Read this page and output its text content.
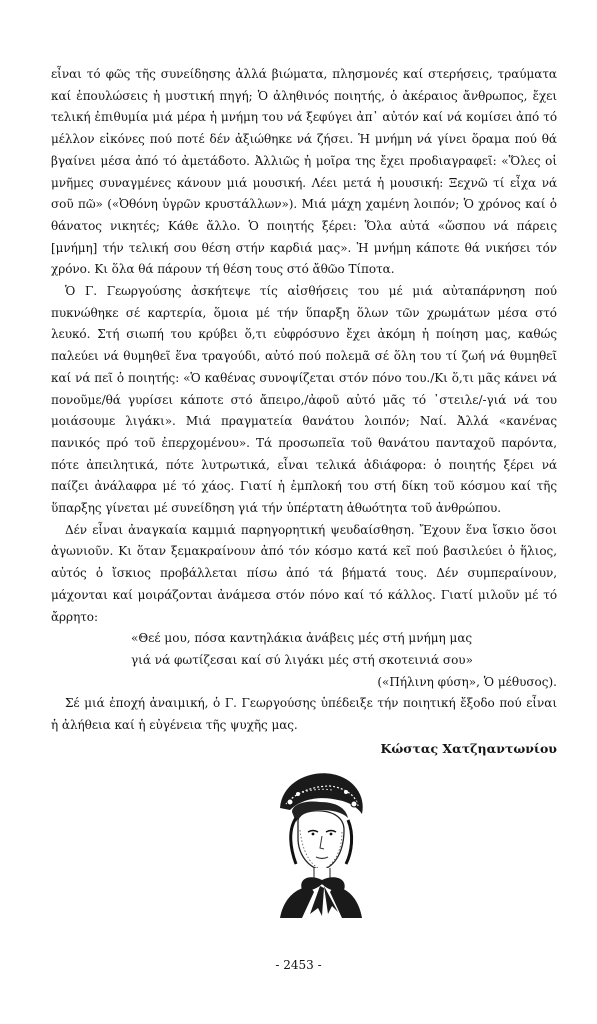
εἶναι τό φῶς τῆς συνείδησης ἀλλά βιώματα, πλησμονές καί στερήσεις, τραύματα καί ἐπουλώσεις ἡ μυστική πηγή; Ὁ ἀληθινός ποιητής, ὁ ἀκέραιος ἄνθρωπος, ἔχει τελική ἐπιθυμία μιά μέρα ἡ μνήμη του νά ξεφύγει ἀπ᾽ αὐτόν καί νά κομίσει ἀπό τό μέλλον εἰκόνες πού ποτέ δέν ἀξιώθηκε νά ζήσει. Ἡ μνήμη νά γίνει ὅραμα πού θά βγαίνει μέσα ἀπό τό ἀμετάδοτο. Ἀλλιῶς ἡ μοῖρα της ἔχει προδιαγραφεῖ: «Ὅλες οἱ μνῆμες συναγμένες κάνουν μιά μουσική. Λέει μετά ἡ μουσική: Ξεχνῶ τί εἶχα νά σοῦ πῶ» («Ὀθόνη ὑγρῶν κρυστάλλων»). Μιά μάχη χαμένη λοιπόν; Ὁ χρόνος καί ὁ θάνατος νικητές; Κάθε ἄλλο. Ὁ ποιητής ξέρει: Ὅλα αὐτά «ὥσπου νά πάρεις [μνήμη] τήν τελική σου θέση στήν καρδιά μας». Ἡ μνήμη κάποτε θά νικήσει τόν χρόνο. Κι ὅλα θά πάρουν τή θέση τους στό ἄθῶο Τίποτα.

Ὁ Γ. Γεωργούσης ἀσκήτεψε τίς αἰσθήσεις του μέ μιά αὐταπάρνηση πού πυκνώθηκε σέ καρτερία, ὅμοια μέ τήν ὕπαρξη ὅλων τῶν χρωμάτων μέσα στό λευκό. Στή σιωπή του κρύβει ὅ,τι εὐφρόσυνο ἔχει ἀκόμη ἡ ποίηση μας, καθώς παλεύει νά θυμηθεῖ ἕνα τραγούδι, αὐτό πού πολεμᾶ σέ ὅλη του τί ζωή νά θυμηθεῖ καί νά πεῖ ὁ ποιητής: «Ὁ καθένας συνοψίζεται στόν πόνο του./Κι ὅ,τι μᾶς κάνει νά πονοῦμε/θά γυρίσει κάποτε στό ἄπειρο,/ἀφοῦ αὐτό μᾶς τό ᾽στειλε/-γιά νά του μοιάσουμε λιγάκι». Μιά πραγματεία θανάτου λοιπόν; Ναί. Ἀλλά «κανένας πανικός πρό τοῦ ἐπερχομένου». Τά προσωπεῖα τοῦ θανάτου πανταχοῦ παρόντα, πότε ἀπειλητικά, πότε λυτρωτικά, εἶναι τελικά ἀδιάφορα: ὁ ποιητής ξέρει νά παίζει ἀνάλαφρα μέ τό χάος. Γιατί ἡ ἐμπλοκή του στή δίκη τοῦ κόσμου καί τῆς ὕπαρξης γίνεται μέ συνείδηση γιά τήν ὑπέρτατη ἀθωότητα τοῦ ἀνθρώπου.

Δέν εἶναι ἀναγκαία καμμιά παρηγορητική ψευδαίσθηση. Ἔχουν ἕνα ἴσκιο ὅσοι ἀγωνιοῦν. Κι ὅταν ξεμακραίνουν ἀπό τόν κόσμο κατά κεῖ πού βασιλεύει ὁ ἥλιος, αὐτός ὁ ἴσκιος προβάλλεται πίσω ἀπό τά βήματά τους. Δέν συμπεραίνουν, μάχονται καί μοιράζονται ἀνάμεσα στόν πόνο καί τό κάλλος. Γιατί μιλοῦν μέ τό ἄρρητο:

«Θεέ μου, πόσα καντηλάκια ἀνάβεις μές στή μνήμη μας
γιά νά φωτίζεσαι καί σύ λιγάκι μές στή σκοτεινιά σου»

(«Πήλινη φύση», Ὁ μέθυσος).

Σέ μιά ἐποχή ἀναιμική, ὁ Γ. Γεωργούσης ὑπέδειξε τήν ποιητική ἔξοδο πού εἶναι ἡ ἀλήθεια καί ἡ εὐγένεια τῆς ψυχῆς μας.

Κώστας Χατζηαντωνίου

- 2453 -
